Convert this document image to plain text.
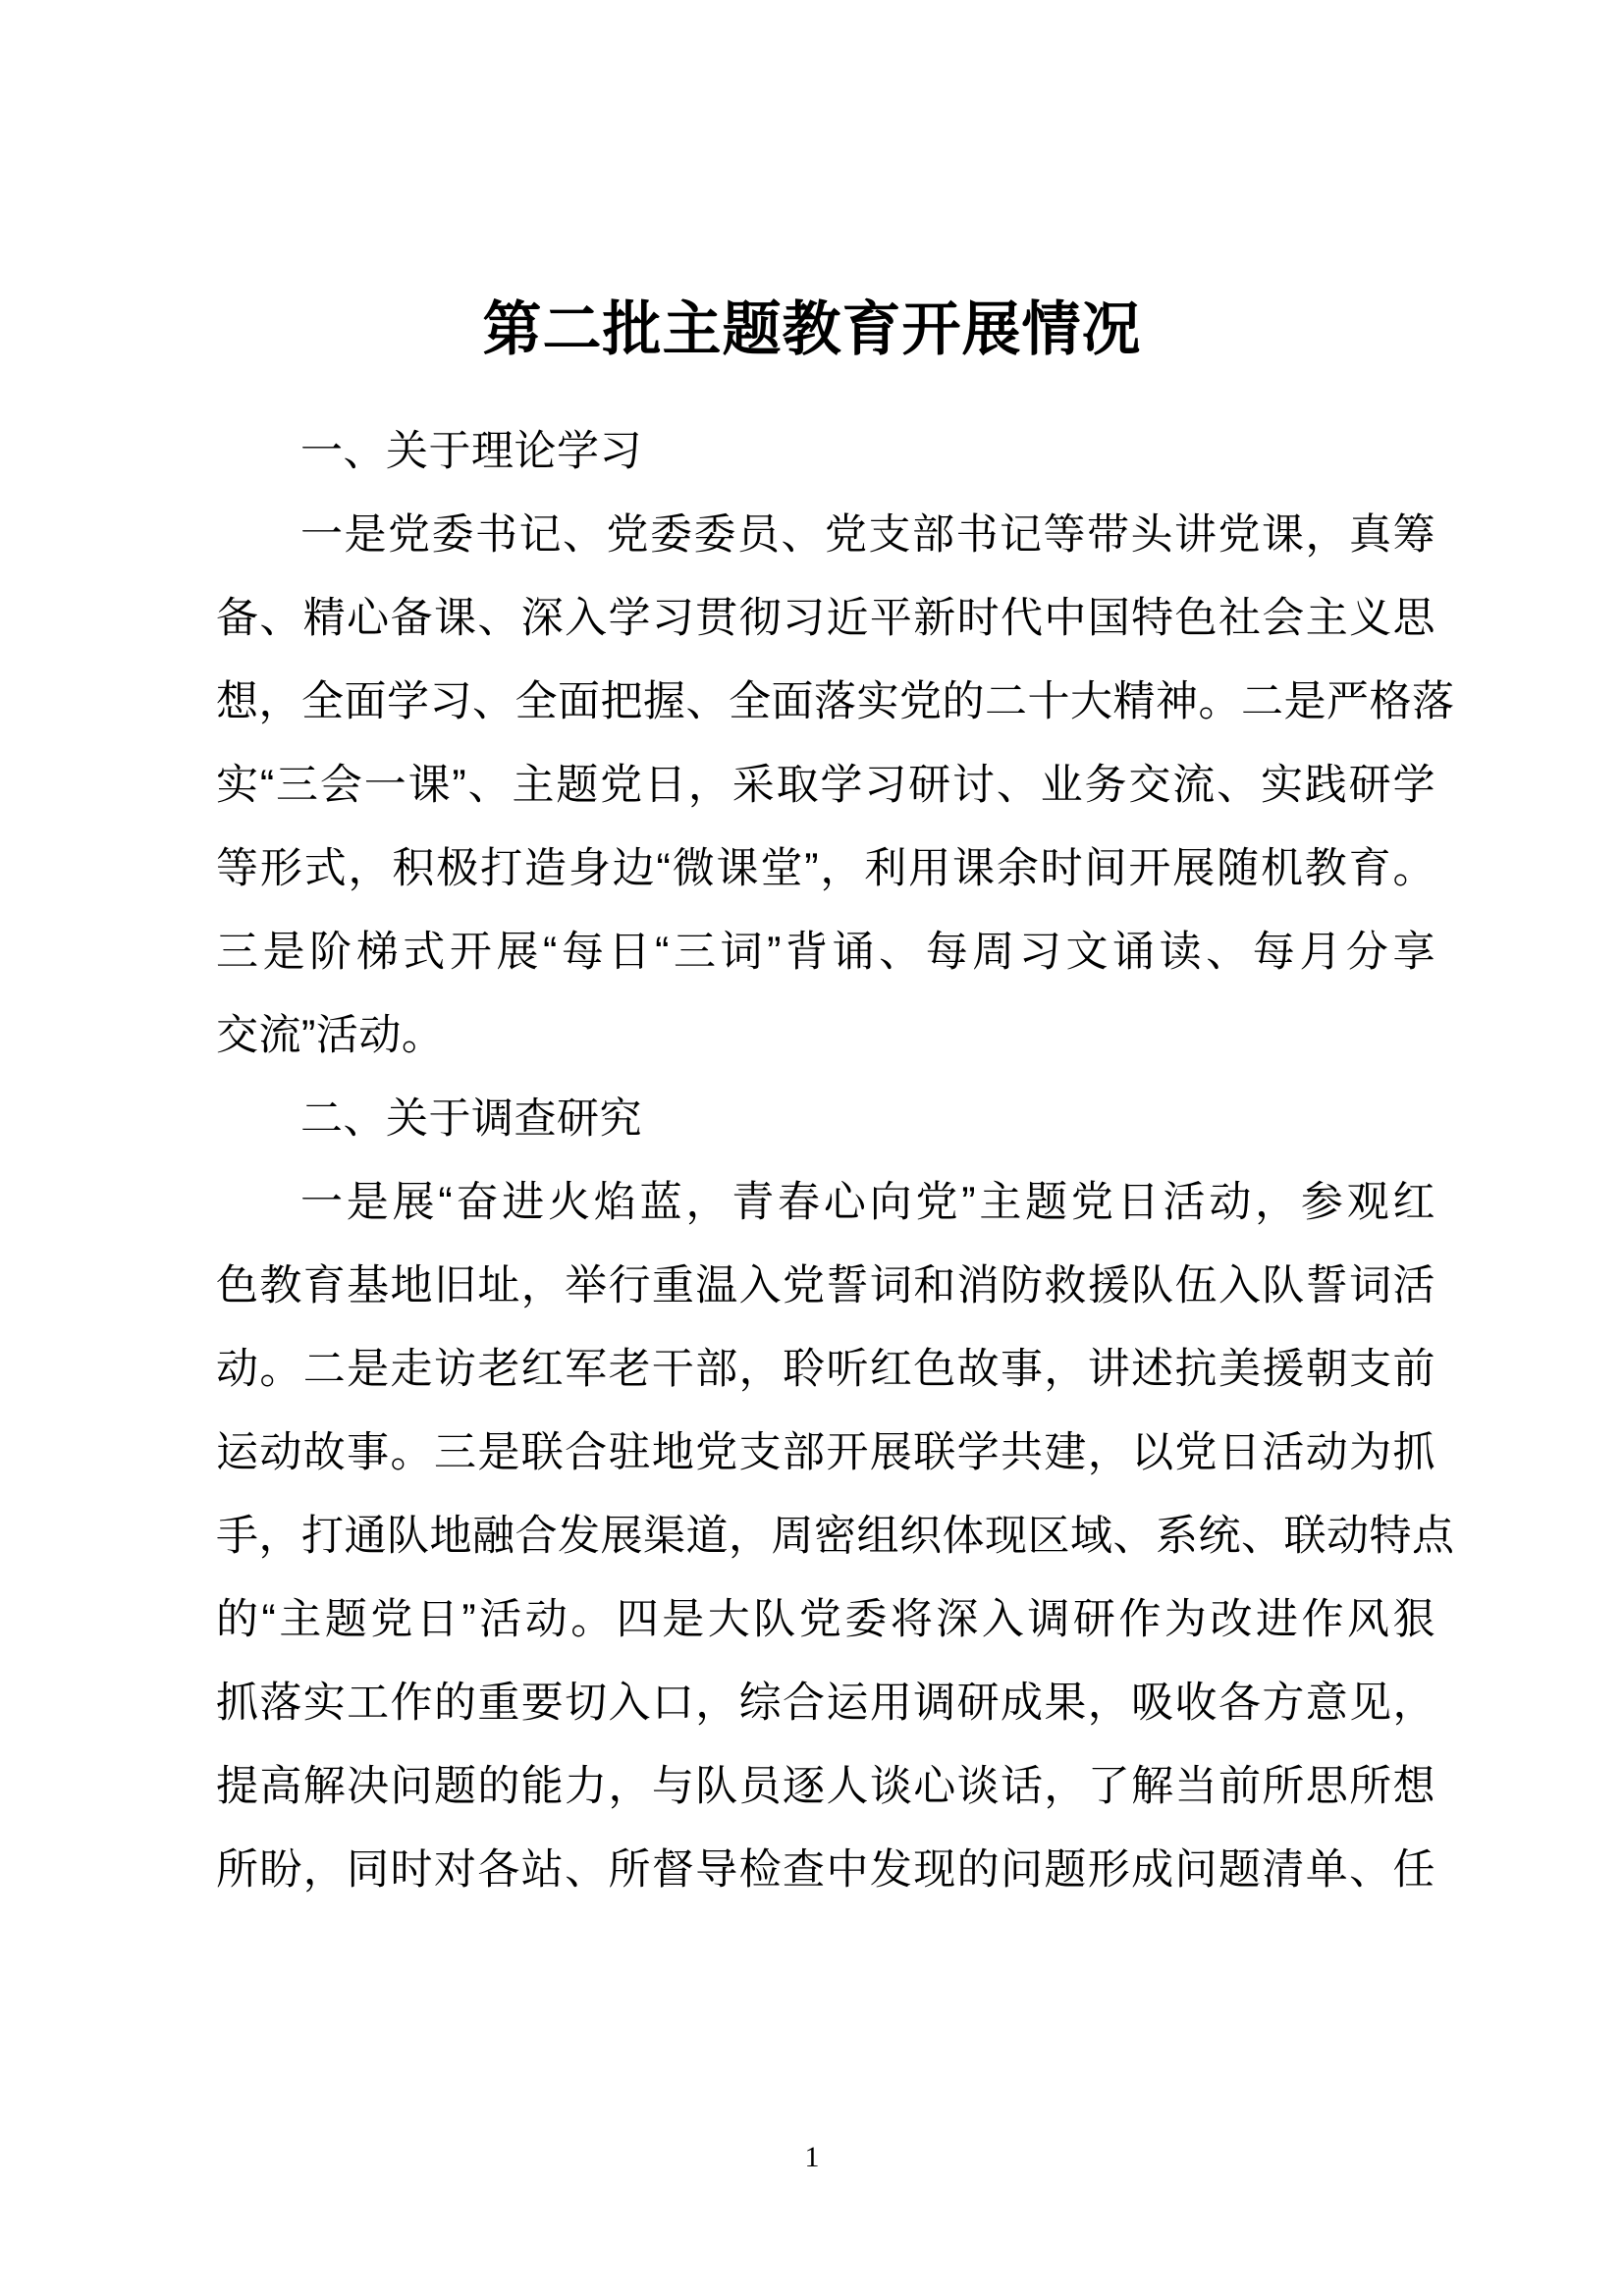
第二批主题教育开展情况
一、关于理论学习

一是党委书记、党委委员、党支部书记等带头讲党课，真筹
备、精心备课、深入学习贯彻习近平新时代中国特色社会主义思
想，全面学习、全面把握、全面落实党的二十大精神。二是严格落
实“三会一课”、主题党日，采取学习研讨、业务交流、实践研学
等形式，积极打造身边“微课堂”，利用课余时间开展随机教育。
三是阶梯式开展“每日“三词”背诵、每周习文诵读、每月分享
交流”活动。

二、关于调查研究

一是展“奋进火焰蓝，青春心向党”主题党日活动，参观红
色教育基地旧址，举行重温入党誓词和消防救援队伍入队誓词活
动。二是走访老红军老干部，聆听红色故事，讲述抗美援朝支前
运动故事。三是联合驻地党支部开展联学共建，以党日活动为抓
手，打通队地融合发展渠道，周密组织体现区域、系统、联动特点
的“主题党日”活动。四是大队党委将深入调研作为改进作风狠
抓落实工作的重要切入口，综合运用调研成果，吸收各方意见，
提高解决问题的能力，与队员逐人谈心谈话，了解当前所思所想
所盼，同时对各站、所督导检查中发现的问题形成问题清单、任

1
